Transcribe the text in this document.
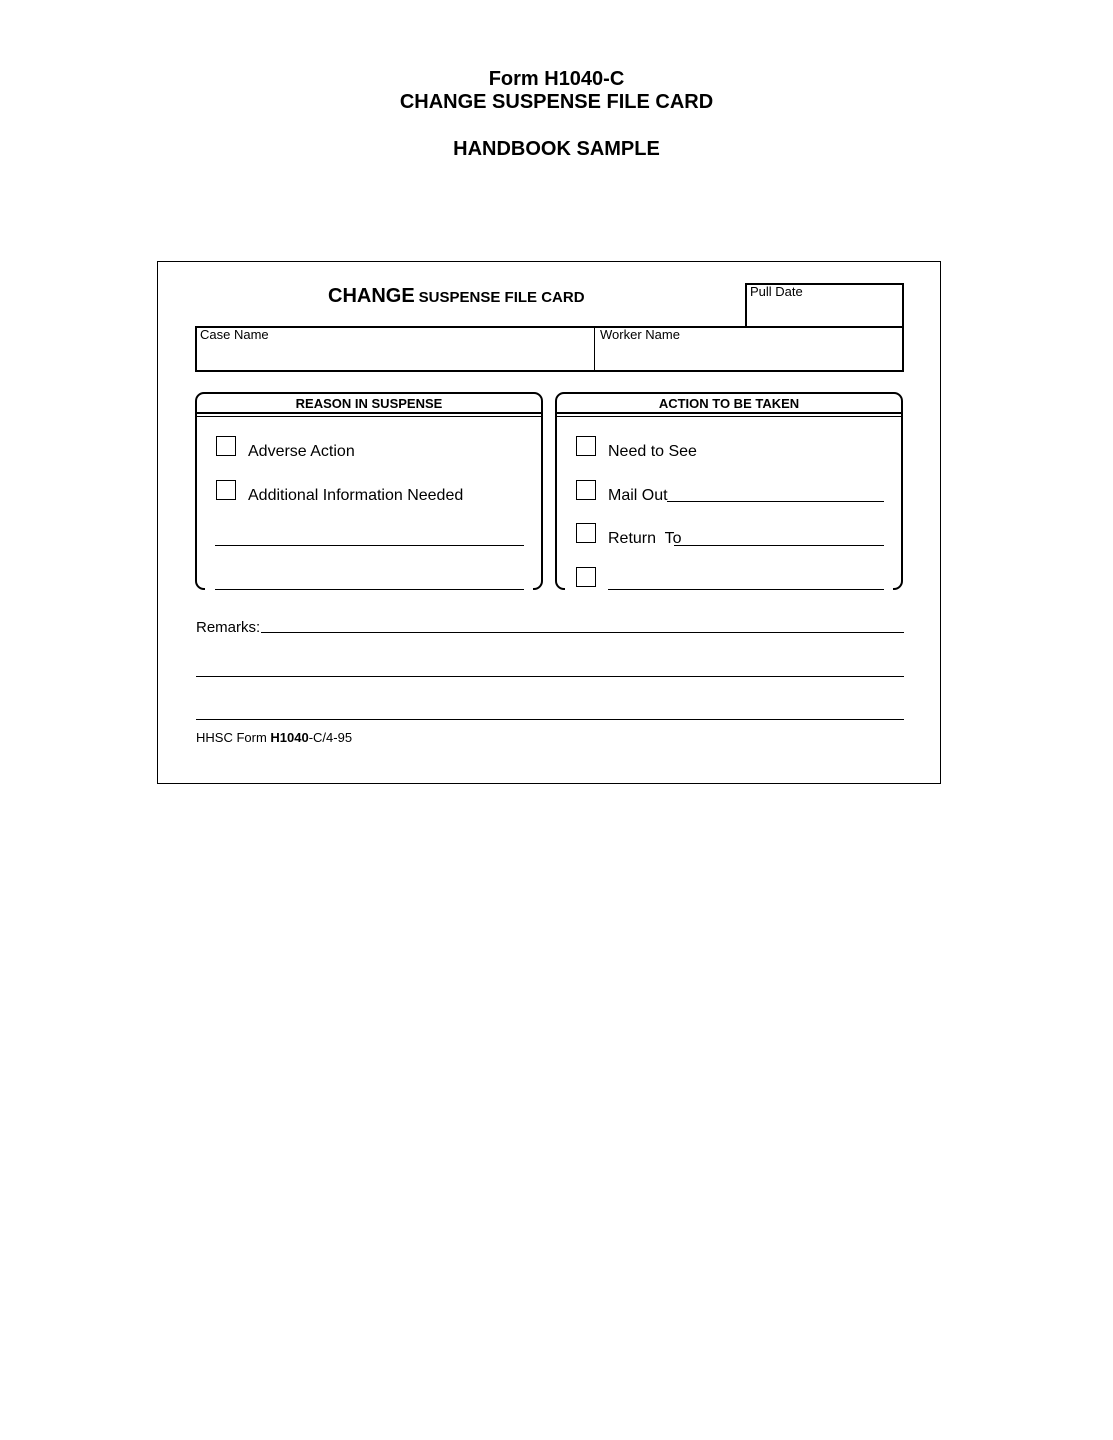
Form H1040-C
CHANGE SUSPENSE FILE CARD
HANDBOOK SAMPLE
CHANGE SUSPENSE FILE CARD	Pull Date
Case Name	Worker Name
REASON IN SUSPENSE
Adverse Action
Additional Information Needed
ACTION TO BE TAKEN
Need to See
Mail Out
Return  To
Remarks:
HHSC Form H1040-C/4-95
